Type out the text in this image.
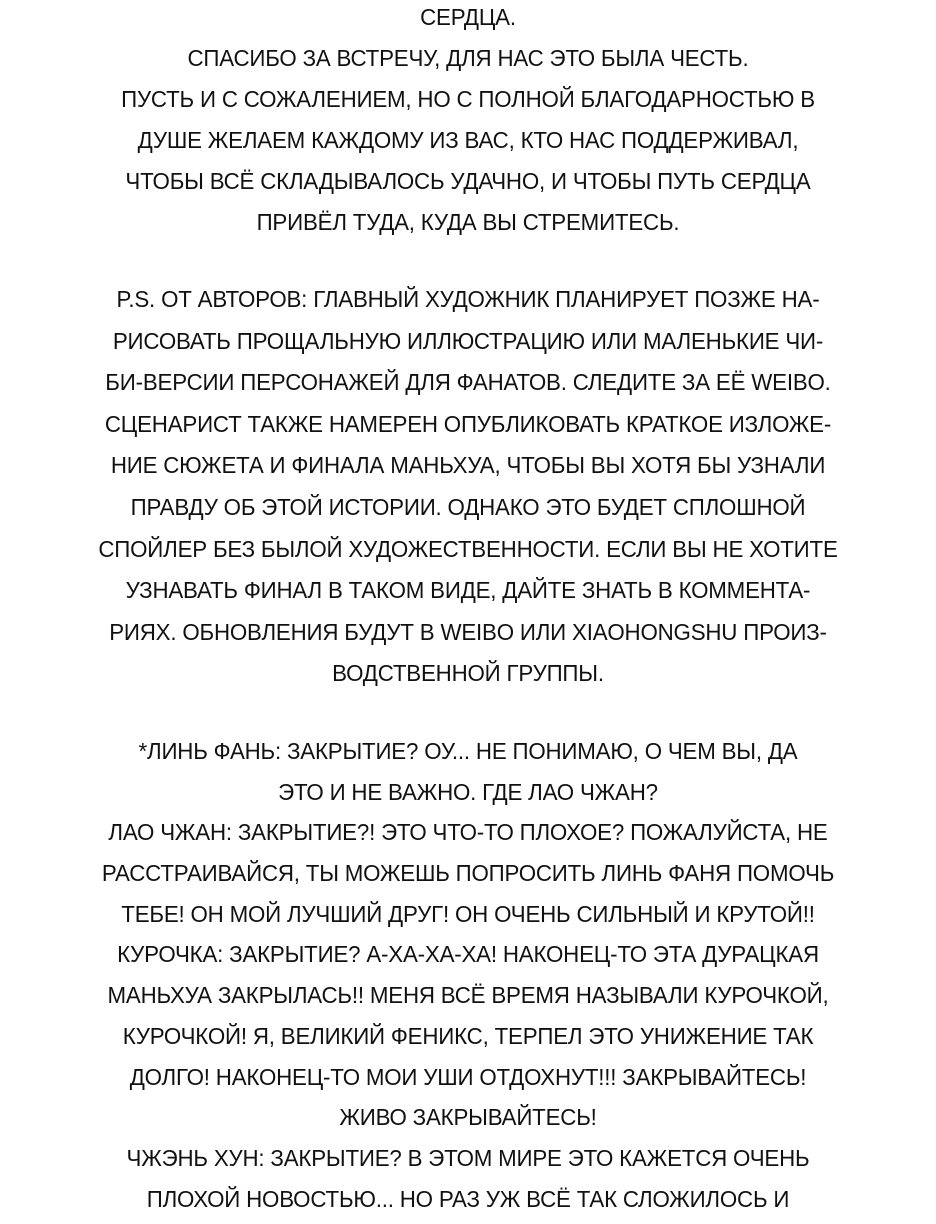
СЕРДЦА.
СПАСИБО ЗА ВСТРЕЧУ, ДЛЯ НАС ЭТО БЫЛА ЧЕСТЬ.
ПУСТЬ И С СОЖАЛЕНИЕМ, НО С ПОЛНОЙ БЛАГОДАРНОСТЬЮ В
ДУШЕ ЖЕЛАЕМ КАЖДОМУ ИЗ ВАС, КТО НАС ПОДДЕРЖИВАЛ,
ЧТОБЫ ВСЁ СКЛАДЫВАЛОСЬ УДАЧНО, И ЧТОБЫ ПУТЬ СЕРДЦА
ПРИВЁЛ ТУДА, КУДА ВЫ СТРЕМИТЕСЬ.
P.S. ОТ АВТОРОВ: ГЛАВНЫЙ ХУДОЖНИК ПЛАНИРУЕТ ПОЗЖЕ НА-
РИСОВАТЬ ПРОЩАЛЬНУЮ ИЛЛЮСТРАЦИЮ ИЛИ МАЛЕНЬКИЕ ЧИ-
БИ-ВЕРСИИ ПЕРСОНАЖЕЙ ДЛЯ ФАНАТОВ. СЛЕДИТЕ ЗА ЕЁ WEIBO.
СЦЕНАРИСТ ТАКЖЕ НАМЕРЕН ОПУБЛИКОВАТЬ КРАТКОЕ ИЗЛОЖЕ-
НИЕ СЮЖЕТА И ФИНАЛА МАНЬХУА, ЧТОБЫ ВЫ ХОТЯ БЫ УЗНАЛИ
ПРАВДУ ОБ ЭТОЙ ИСТОРИИ. ОДНАКО ЭТО БУДЕТ СПЛОШНОЙ
СПОЙЛЕР БЕЗ БЫЛОЙ ХУДОЖЕСТВЕННОСТИ. ЕСЛИ ВЫ НЕ ХОТИТЕ
УЗНАВАТЬ ФИНАЛ В ТАКОМ ВИДЕ, ДАЙТЕ ЗНАТЬ В КОММЕНТА-
РИЯХ. ОБНОВЛЕНИЯ БУДУТ В WEIBO ИЛИ XIAOHONGSHU ПРОИЗ-
ВОДСТВЕННОЙ ГРУППЫ.
*ЛИНЬ ФАНЬ: ЗАКРЫТИЕ? ОУ... НЕ ПОНИМАЮ, О ЧЕМ ВЫ, ДА
ЭТО И НЕ ВАЖНО. ГДЕ ЛАО ЧЖАН?
ЛАО ЧЖАН: ЗАКРЫТИЕ?! ЭТО ЧТО-ТО ПЛОХОЕ? ПОЖАЛУЙСТА, НЕ
РАССТРАИВАЙСЯ, ТЫ МОЖЕШЬ ПОПРОСИТЬ ЛИНЬ ФАНЯ ПОМОЧЬ
ТЕБЕ! ОН МОЙ ЛУЧШИЙ ДРУГ! ОН ОЧЕНЬ СИЛЬНЫЙ И КРУТОЙ!!
КУРОЧКА: ЗАКРЫТИЕ? А-ХА-ХА-ХА! НАКОНЕЦ-ТО ЭТА ДУРАЦКАЯ
МАНЬХУА ЗАКРЫЛАСЬ!! МЕНЯ ВСЁ ВРЕМЯ НАЗЫВАЛИ КУРОЧКОЙ,
КУРОЧКОЙ! Я, ВЕЛИКИЙ ФЕНИКС, ТЕРПЕЛ ЭТО УНИЖЕНИЕ ТАК
ДОЛГО! НАКОНЕЦ-ТО МОИ УШИ ОТДОХНУТ!!! ЗАКРЫВАЙТЕСЬ!
ЖИВО ЗАКРЫВАЙТЕСЬ!
ЧЖЭНЬ ХУН: ЗАКРЫТИЕ? В ЭТОМ МИРЕ ЭТО КАЖЕТСЯ ОЧЕНЬ
ПЛОХОЙ НОВОСТЬЮ... НО РАЗ УЖ ВСЁ ТАК СЛОЖИЛОСЬ И
